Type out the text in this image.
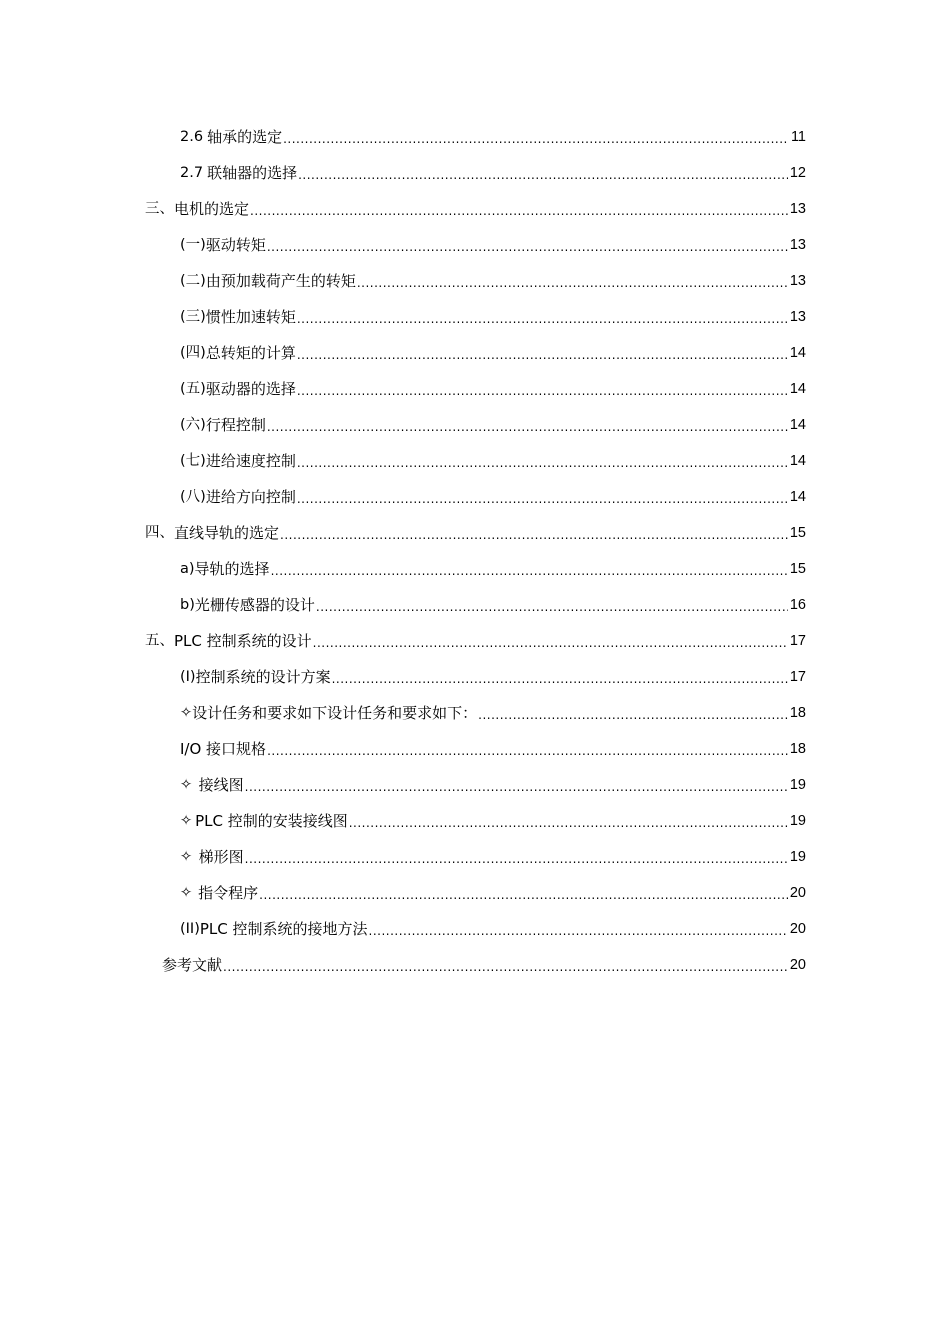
2.6 轴承的选定 .....	11
2.7 联轴器的选择 .....	12
三、 电机的选定 .....	13
(一) 驱动转矩 .....	13
(二) 由预加载荷产生的转矩 .....	13
(三) 惯性加速转矩 .....	13
(四) 总转矩的计算 .....	14
(五) 驱动器的选择 .....	14
(六) 行程控制 .....	14
(七) 进给速度控制 .....	14
(八) 进给方向控制 .....	14
四、 直线导轨的选定 .....	15
a) 导轨的选择 .....	15
b) 光栅传感器的设计 .....	16
五、 PLC 控制系统的设计 .....	17
(I) 控制系统的设计方案 .....	17
✧ 设计任务和要求如下设计任务和要求如下： .....	18
I/O 接口规格 .....	18
✧ 接线图 .....	19
✧ PLC 控制的安装接线图 .....	19
✧ 梯形图 .....	19
✧ 指令程序 .....	20
(II) PLC 控制系统的接地方法 .....	20
参考文献 .....	20
